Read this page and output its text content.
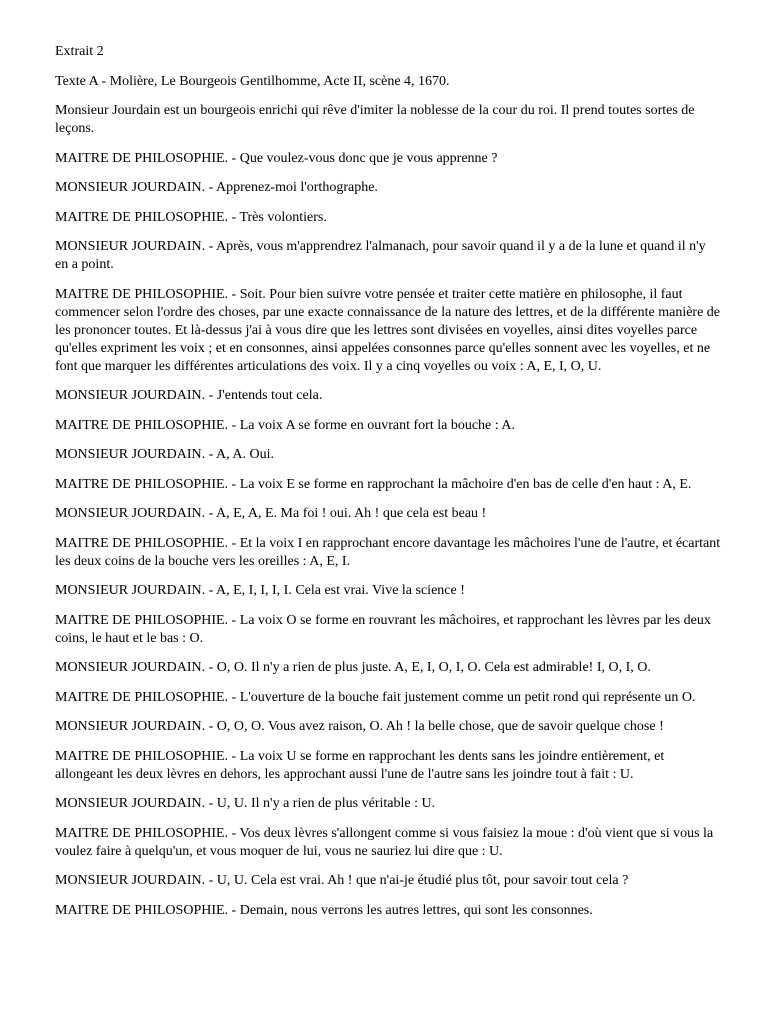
Extrait 2

Texte A - Molière, Le Bourgeois Gentilhomme, Acte II, scène 4, 1670.

Monsieur Jourdain est un bourgeois enrichi qui rêve d'imiter la noblesse de la cour du roi. Il prend toutes sortes de leçons.

MAITRE DE PHILOSOPHIE. - Que voulez-vous donc que je vous apprenne ?

MONSIEUR JOURDAIN. - Apprenez-moi l'orthographe.

MAITRE DE PHILOSOPHIE. - Très volontiers.

MONSIEUR JOURDAIN. - Après, vous m'apprendrez l'almanach, pour savoir quand il y a de la lune et quand il n'y en a point.

MAITRE DE PHILOSOPHIE. - Soit. Pour bien suivre votre pensée et traiter cette matière en philosophe, il faut commencer selon l'ordre des choses, par une exacte connaissance de la nature des lettres, et de la différente manière de les prononcer toutes. Et là-dessus j'ai à vous dire que les lettres sont divisées en voyelles, ainsi dites voyelles parce qu'elles expriment les voix ; et en consonnes, ainsi appelées consonnes parce qu'elles sonnent avec les voyelles, et ne font que marquer les différentes articulations des voix. Il y a cinq voyelles ou voix : A, E, I, O, U.

MONSIEUR JOURDAIN. - J'entends tout cela.

MAITRE DE PHILOSOPHIE. - La voix A se forme en ouvrant fort la bouche : A.

MONSIEUR JOURDAIN. - A, A. Oui.

MAITRE DE PHILOSOPHIE. - La voix E se forme en rapprochant la mâchoire d'en bas de celle d'en haut : A, E.

MONSIEUR JOURDAIN. - A, E, A, E. Ma foi ! oui. Ah ! que cela est beau !

MAITRE DE PHILOSOPHIE. - Et la voix I en rapprochant encore davantage les mâchoires l'une de l'autre, et écartant les deux coins de la bouche vers les oreilles : A, E, I.

MONSIEUR JOURDAIN. - A, E, I, I, I, I. Cela est vrai. Vive la science !

MAITRE DE PHILOSOPHIE. - La voix O se forme en rouvrant les mâchoires, et rapprochant les lèvres par les deux coins, le haut et le bas : O.

MONSIEUR JOURDAIN. - O, O. Il n'y a rien de plus juste. A, E, I, O, I, O. Cela est admirable! I, O, I, O.

MAITRE DE PHILOSOPHIE. - L'ouverture de la bouche fait justement comme un petit rond qui représente un O.

MONSIEUR JOURDAIN. - O, O, O. Vous avez raison, O. Ah ! la belle chose, que de savoir quelque chose !

MAITRE DE PHILOSOPHIE. - La voix U se forme en rapprochant les dents sans les joindre entièrement, et allongeant les deux lèvres en dehors, les approchant aussi l'une de l'autre sans les joindre tout à fait : U.

MONSIEUR JOURDAIN. - U, U. Il n'y a rien de plus véritable : U.

MAITRE DE PHILOSOPHIE. - Vos deux lèvres s'allongent comme si vous faisiez la moue : d'où vient que si vous la voulez faire à quelqu'un, et vous moquer de lui, vous ne sauriez lui dire que : U.

MONSIEUR JOURDAIN. - U, U. Cela est vrai. Ah ! que n'ai-je étudié plus tôt, pour savoir tout cela ?

MAITRE DE PHILOSOPHIE. - Demain, nous verrons les autres lettres, qui sont les consonnes.
